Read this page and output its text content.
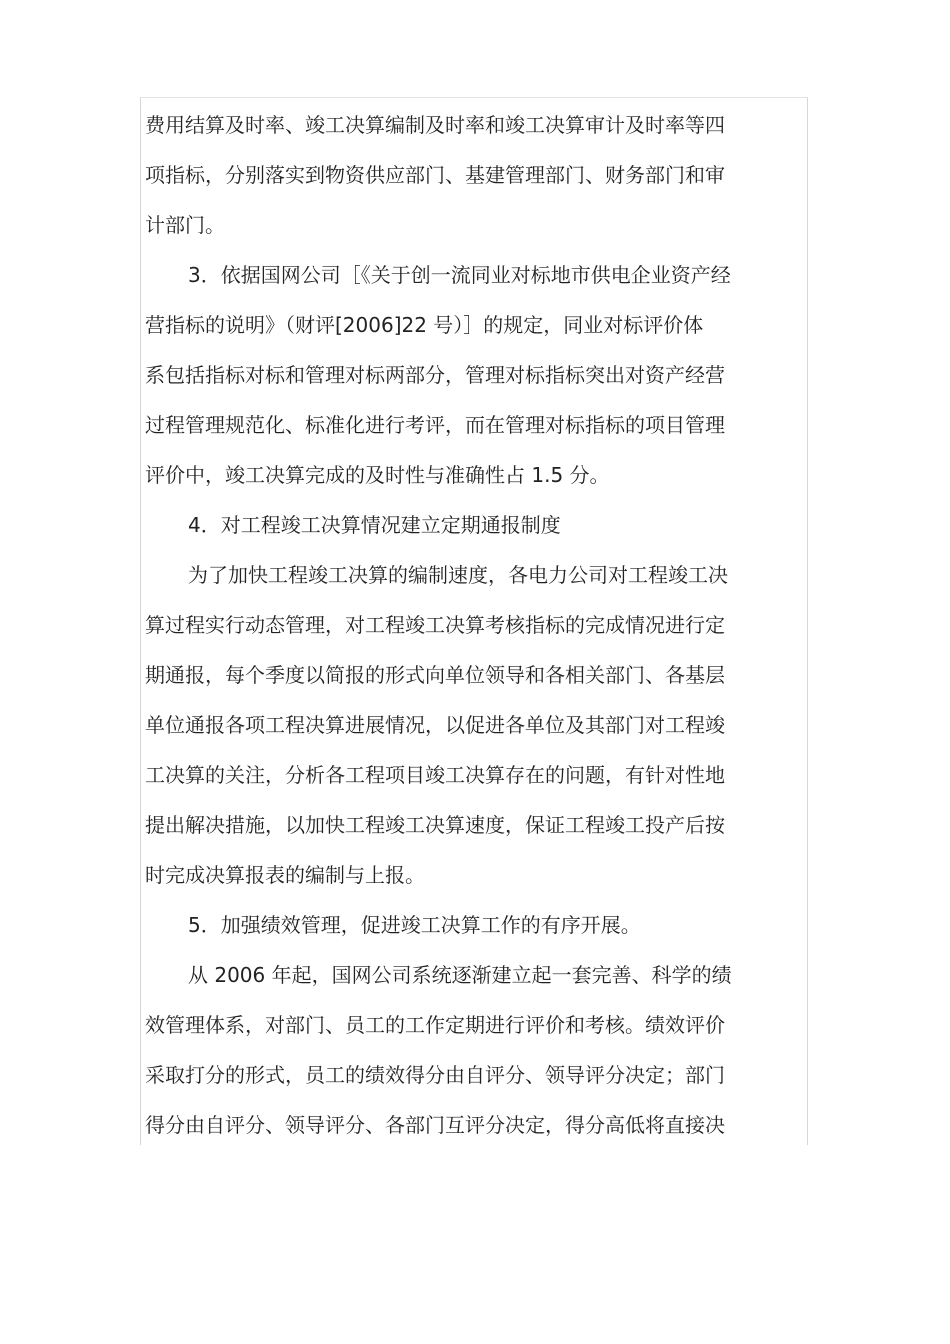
费用结算及时率、竣工决算编制及时率和竣工决算审计及时率等四
项指标，分别落实到物资供应部门、基建管理部门、财务部门和审
计部门。
3．依据国网公司［《关于创一流同业对标地市供电企业资产经
营指标的说明》（财评[2006]22 号）］的规定，同业对标评价体
系包括指标对标和管理对标两部分，管理对标指标突出对资产经营
过程管理规范化、标准化进行考评，而在管理对标指标的项目管理
评价中，竣工决算完成的及时性与准确性占 1.5 分。
4．对工程竣工决算情况建立定期通报制度
为了加快工程竣工决算的编制速度，各电力公司对工程竣工决
算过程实行动态管理，对工程竣工决算考核指标的完成情况进行定
期通报，每个季度以简报的形式向单位领导和各相关部门、各基层
单位通报各项工程决算进展情况，以促进各单位及其部门对工程竣
工决算的关注，分析各工程项目竣工决算存在的问题，有针对性地
提出解决措施，以加快工程竣工决算速度，保证工程竣工投产后按
时完成决算报表的编制与上报。
5．加强绩效管理，促进竣工决算工作的有序开展。
从 2006 年起，国网公司系统逐渐建立起一套完善、科学的绩
效管理体系，对部门、员工的工作定期进行评价和考核。绩效评价
采取打分的形式，员工的绩效得分由自评分、领导评分决定；部门
得分由自评分、领导评分、各部门互评分决定，得分高低将直接决
